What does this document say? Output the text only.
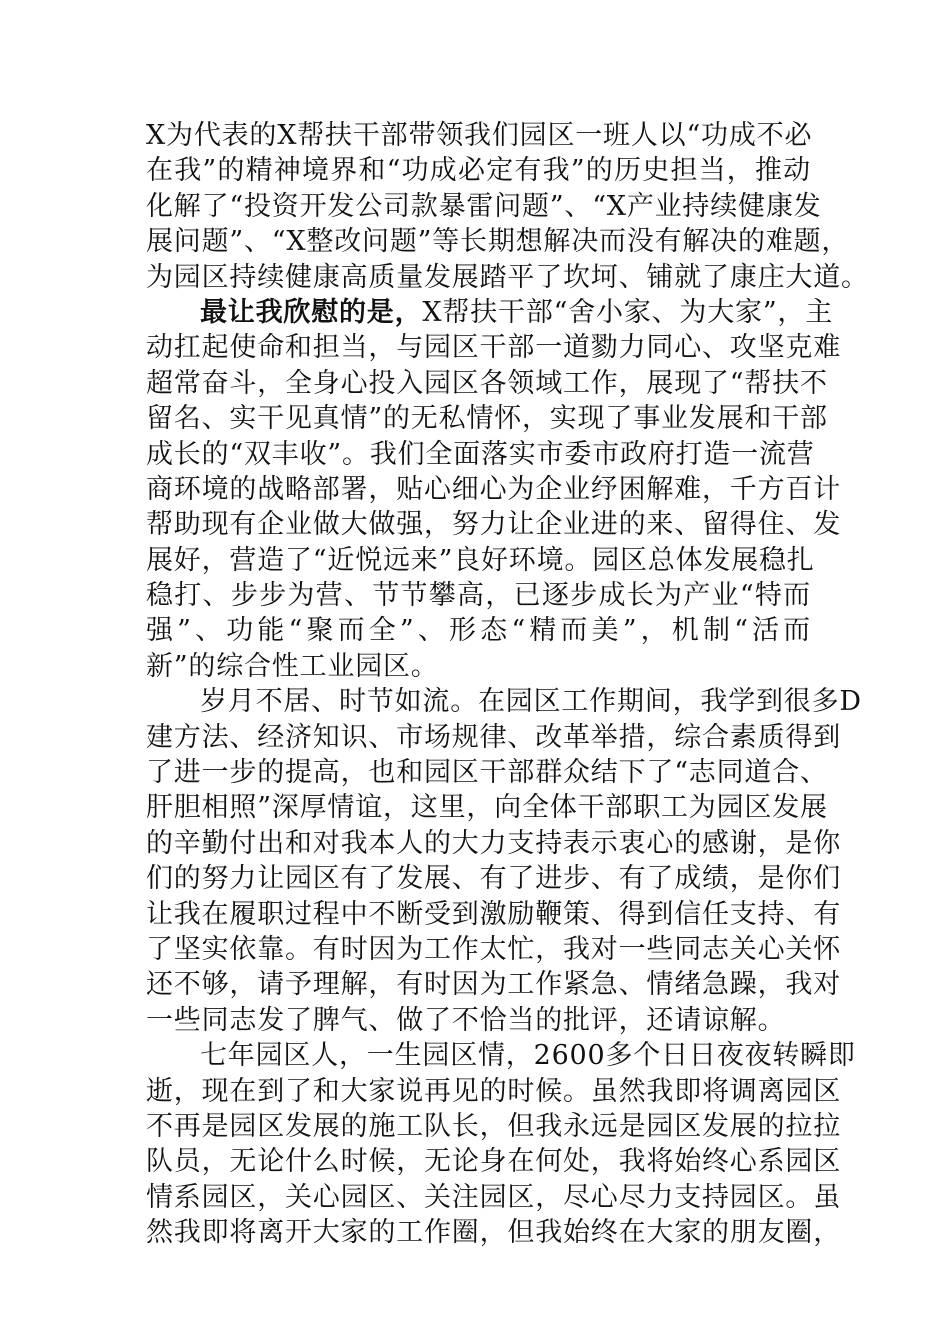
X为代表的X帮扶干部带领我们园区一班人以“功成不必
在我”的精神境界和“功成必定有我”的历史担当，推动
化解了“投资开发公司款暴雷问题”、“X产业持续健康发
展问题”、“X整改问题”等长期想解决而没有解决的难题，
为园区持续健康高质量发展踏平了坎坷、铺就了康庄大道。
最让我欣慰的是，X帮扶干部“舍小家、为大家”，主
动扛起使命和担当，与园区干部一道勠力同心、攻坚克难
超常奋斗，全身心投入园区各领域工作，展现了“帮扶不
留名、实干见真情”的无私情怀，实现了事业发展和干部
成长的“双丰收”。我们全面落实市委市政府打造一流营
商环境的战略部署，贴心细心为企业纾困解难，千方百计
帮助现有企业做大做强，努力让企业进的来、留得住、发
展好，营造了“近悦远来”良好环境。园区总体发展稳扎
稳打、步步为营、节节攀高，已逐步成长为产业“特而
强”、功能“聚而全”、形态“精而美”，机制“活而
新”的综合性工业园区。
岁月不居、时节如流。在园区工作期间，我学到很多D
建方法、经济知识、市场规律、改革举措，综合素质得到
了进一步的提高，也和园区干部群众结下了“志同道合、
肝胆相照”深厚情谊，这里，向全体干部职工为园区发展
的辛勤付出和对我本人的大力支持表示衷心的感谢，是你
们的努力让园区有了发展、有了进步、有了成绩，是你们
让我在履职过程中不断受到激励鞭策、得到信任支持、有
了坚实依靠。有时因为工作太忙，我对一些同志关心关怀
还不够，请予理解，有时因为工作紧急、情绪急躁，我对
一些同志发了脾气、做了不恰当的批评，还请谅解。
七年园区人，一生园区情，2600多个日日夜夜转瞬即
逝，现在到了和大家说再见的时候。虽然我即将调离园区
不再是园区发展的施工队长，但我永远是园区发展的拉拉
队员，无论什么时候，无论身在何处，我将始终心系园区
情系园区，关心园区、关注园区，尽心尽力支持园区。虽
然我即将离开大家的工作圈，但我始终在大家的朋友圈，
